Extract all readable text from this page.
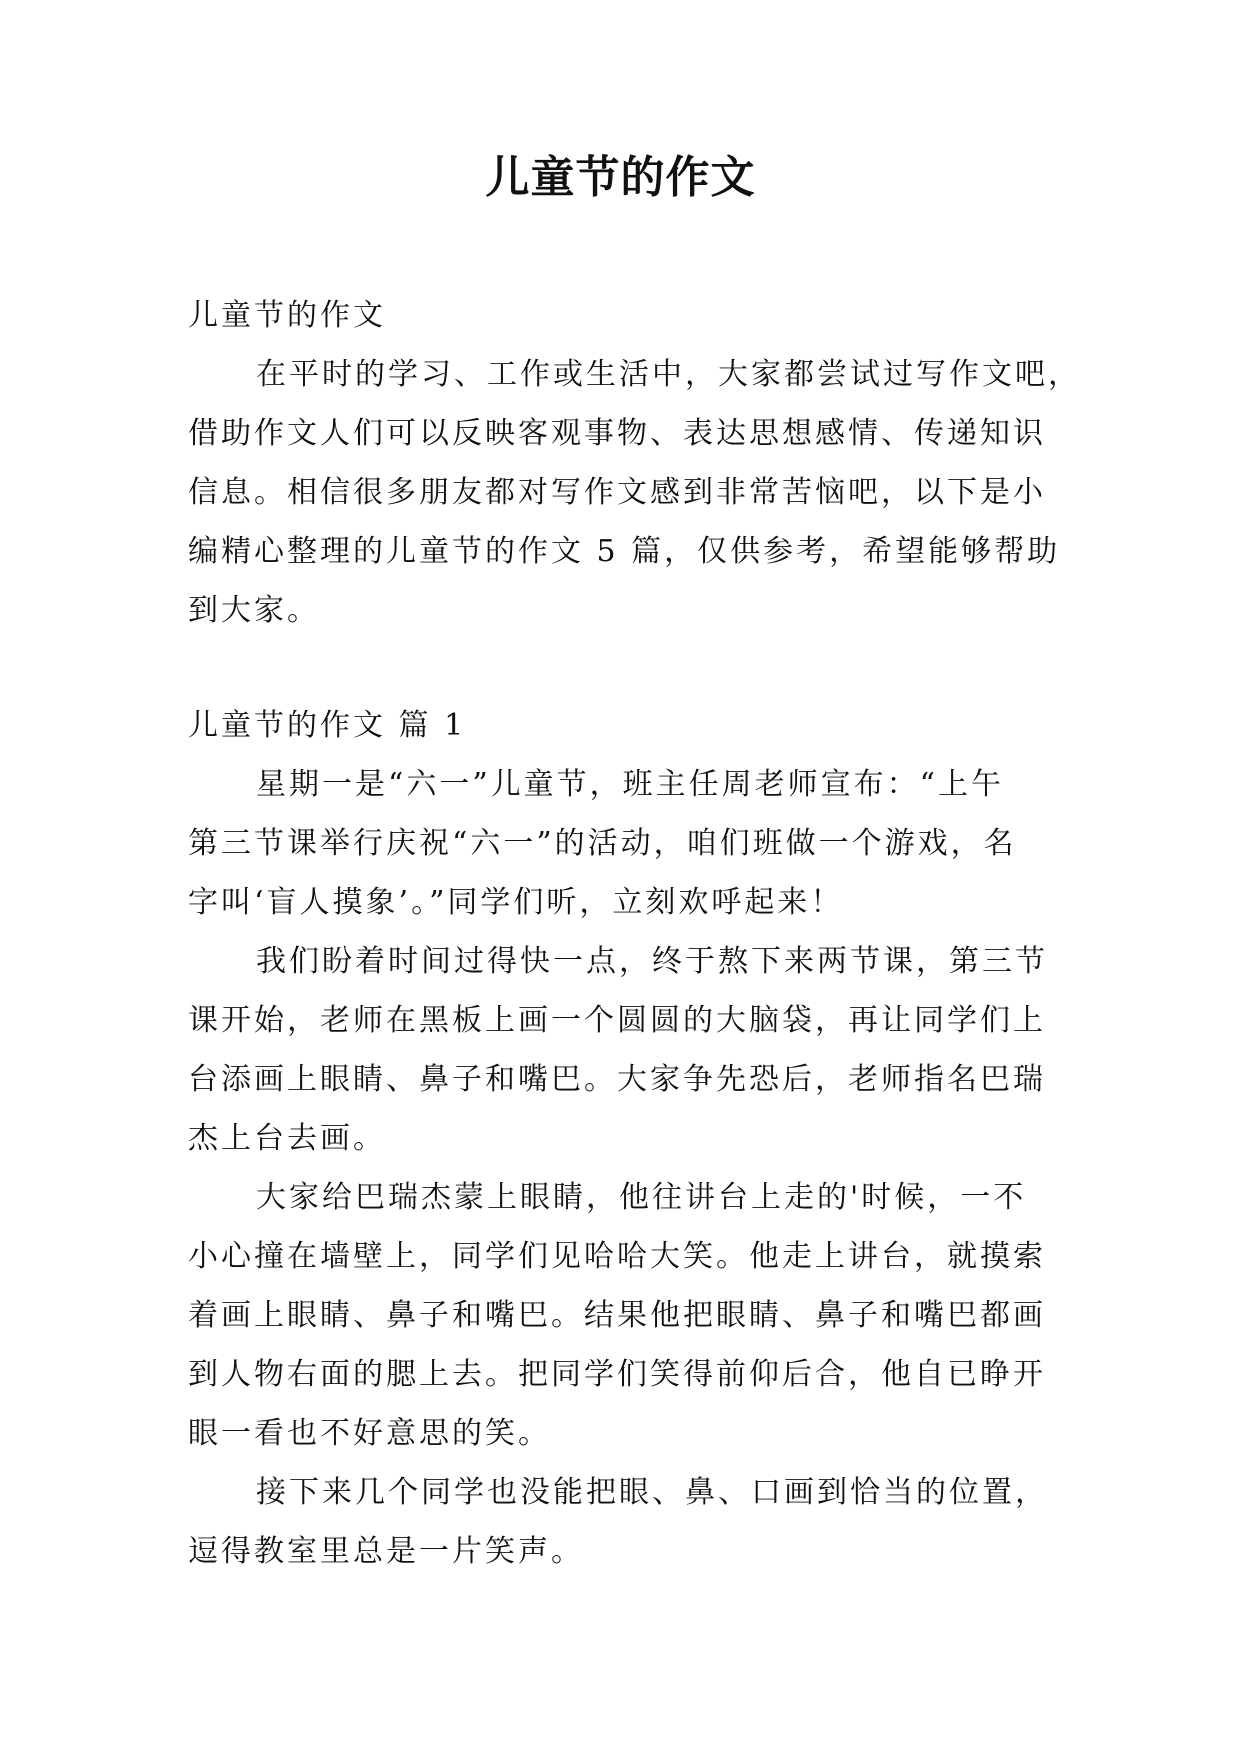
儿童节的作文

儿童节的作文

在平时的学习、工作或生活中，大家都尝试过写作文吧，

借助作文人们可以反映客观事物、表达思想感情、传递知识

信息。相信很多朋友都对写作文感到非常苦恼吧，以下是小

编精心整理的儿童节的作文 5 篇，仅供参考，希望能够帮助

到大家。

儿童节的作文 篇 1

星期一是“六一”儿童节，班主任周老师宣布：“上午

第三节课举行庆祝“六一”的活动，咱们班做一个游戏，名

字叫‘盲人摸象’。”同学们听，立刻欢呼起来！

我们盼着时间过得快一点，终于熬下来两节课，第三节

课开始，老师在黑板上画一个圆圆的大脑袋，再让同学们上

台添画上眼睛、鼻子和嘴巴。大家争先恐后，老师指名巴瑞

杰上台去画。

大家给巴瑞杰蒙上眼睛，他往讲台上走的'时候，一不

小心撞在墙壁上，同学们见哈哈大笑。他走上讲台，就摸索

着画上眼睛、鼻子和嘴巴。结果他把眼睛、鼻子和嘴巴都画

到人物右面的腮上去。把同学们笑得前仰后合，他自已睁开

眼一看也不好意思的笑。

接下来几个同学也没能把眼、鼻、口画到恰当的位置，

逗得教室里总是一片笑声。
